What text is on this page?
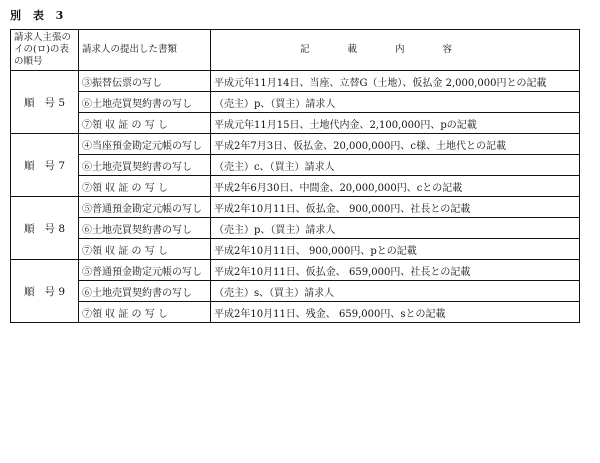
別 表 3
請求人主張のイの(ロ)の表の順号	請求人の提出した書類	記載内容
順号 5	③振替伝票の写し	平成元年11月14日、当座、立替G（土地）、仮払金 2,000,000円との記載
	⑥土地売買契約書の写し	（売主）p、（買主）請求人
	⑦領 収 証 の 写 し	平成元年11月15日、土地代内金、2,100,000円、pの記載
順号 7	④当座預金勘定元帳の写し	平成2年7月3日、仮払金、20,000,000円、c様、土地代との記載
	⑥土地売買契約書の写し	（売主）c、（買主）請求人
	⑦領 収 証 の 写 し	平成2年6月30日、中間金、20,000,000円、cとの記載
順号 8	⑤普通預金勘定元帳の写し	平成2年10月11日、仮払金、 900,000円、社長との記載
	⑥土地売買契約書の写し	（売主）p、（買主）請求人
	⑦領 収 証 の 写 し	平成2年10月11日、 900,000円、pとの記載
順号 9	⑤普通預金勘定元帳の写し	平成2年10月11日、仮払金、 659,000円、社長との記載
	⑥土地売買契約書の写し	（売主）s、（買主）請求人
	⑦領 収 証 の 写 し	平成2年10月11日、残金、 659,000円、sとの記載
